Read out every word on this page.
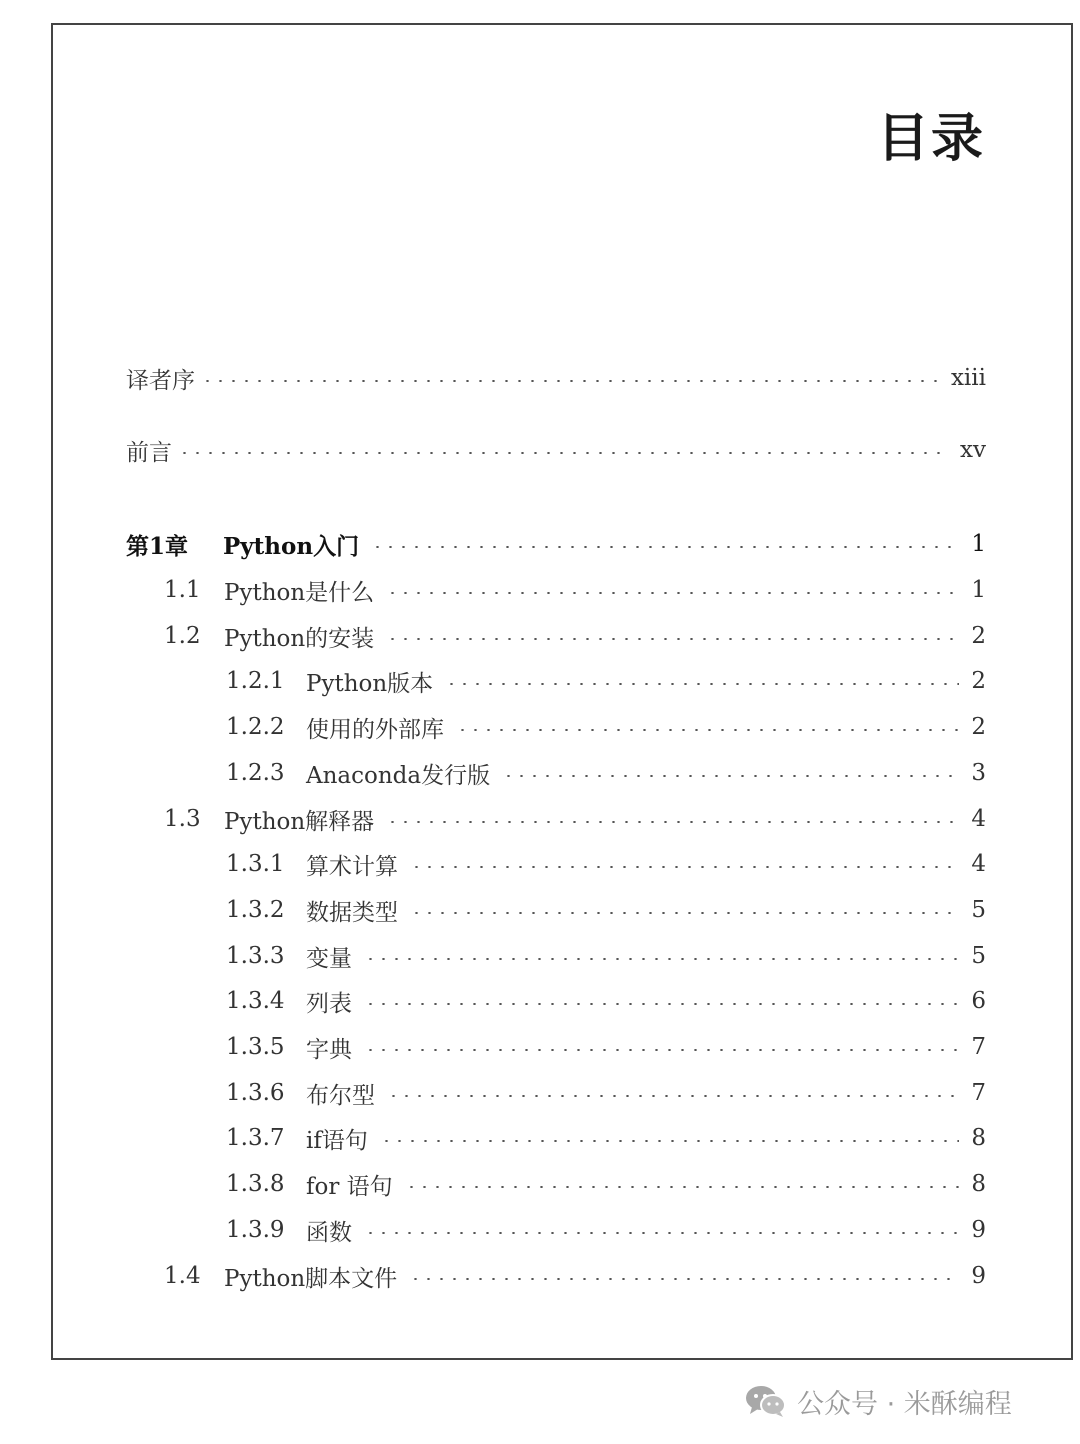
目录
译者序	xiii
前言	xv
第1章	Python入门	1
1.1	Python是什么	1
1.2	Python的安装	2
1.2.1 Python版本	2
1.2.2 使用的外部库	2
1.2.3 Anaconda发行版	3
1.3	Python解释器	4
1.3.1 算术计算	4
1.3.2 数据类型	5
1.3.3 变量	5
1.3.4 列表	6
1.3.5 字典	7
1.3.6 布尔型	7
1.3.7 if语句	8
1.3.8 for 语句	8
1.3.9 函数	9
1.4	Python脚本文件	9
公众号 · 米酥编程
